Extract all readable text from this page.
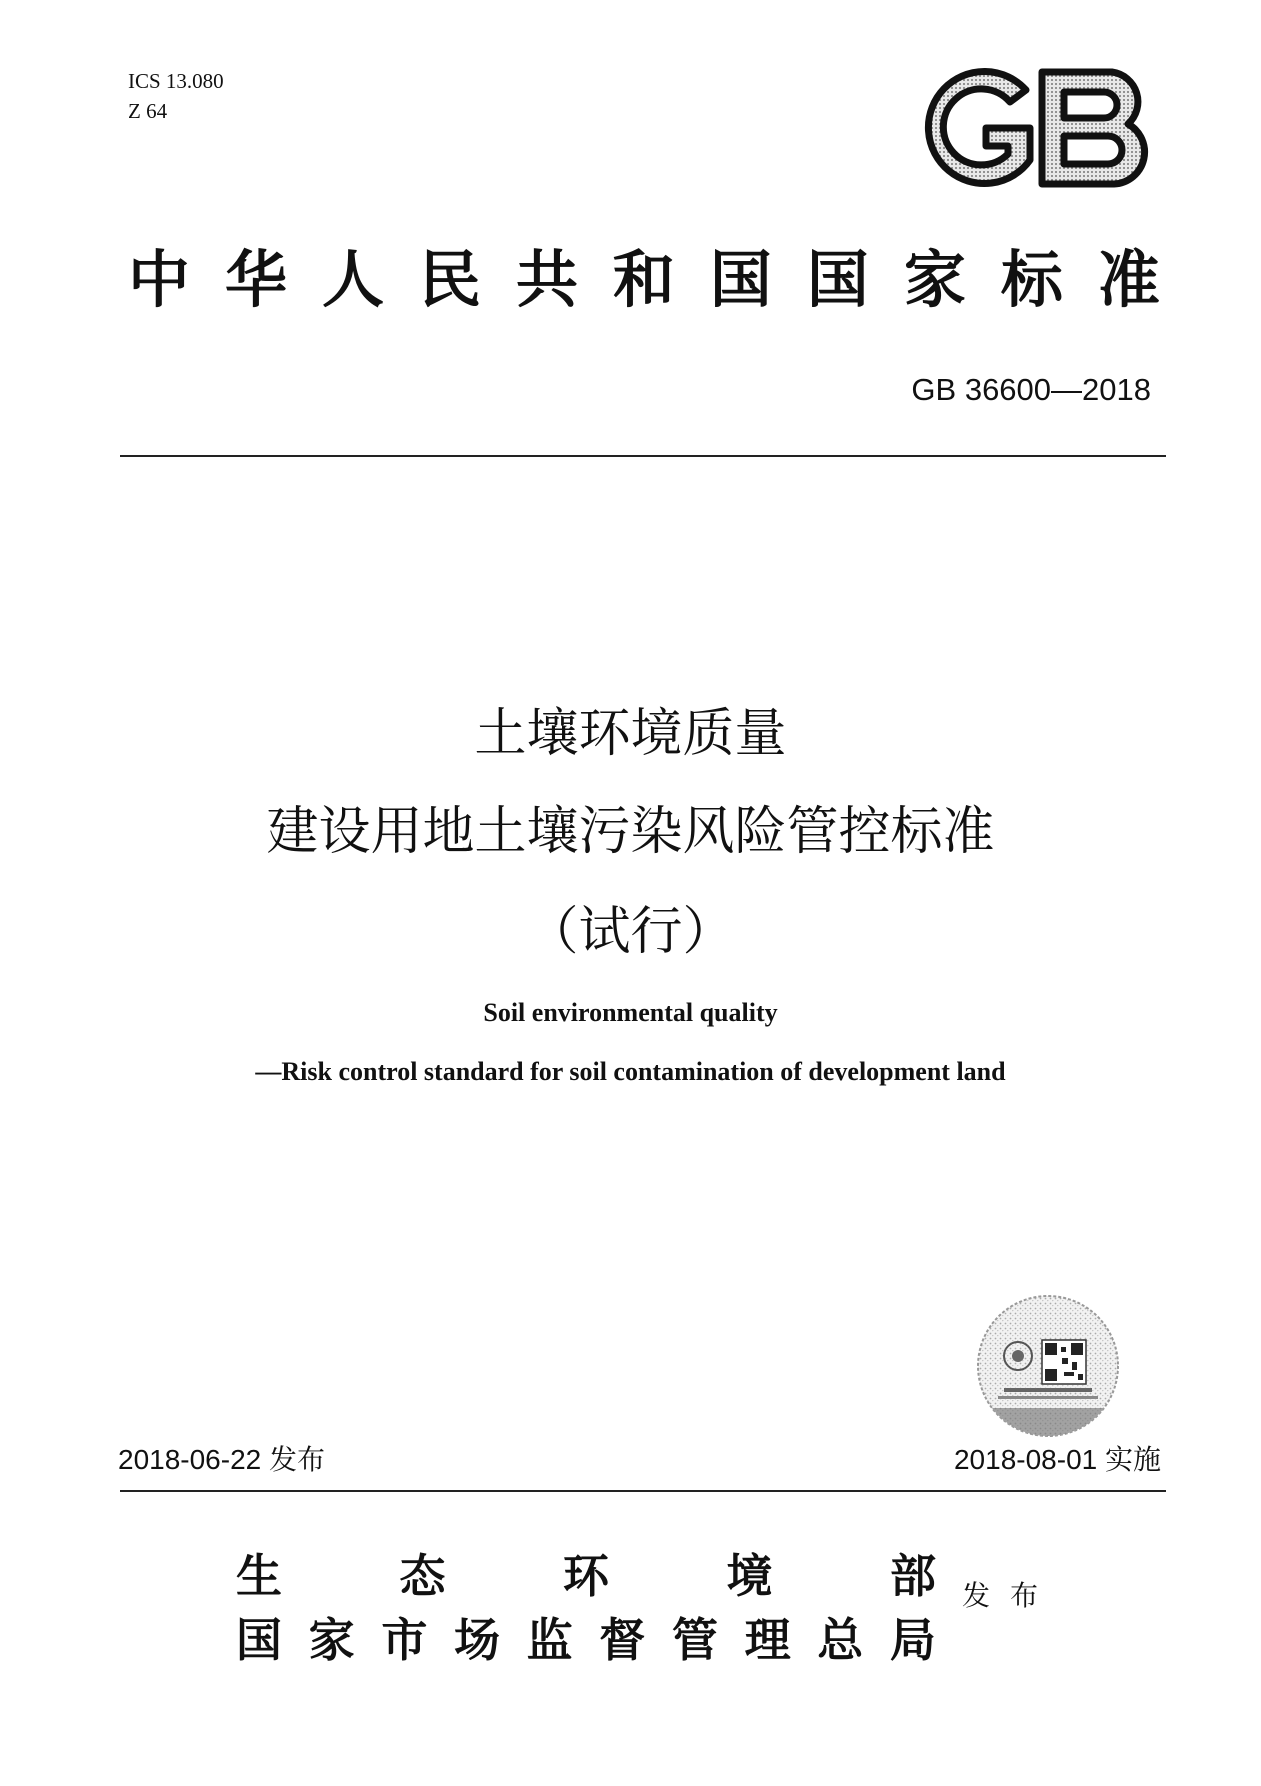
ICS 13.080
Z 64
中 华 人 民 共 和 国 国 家 标 准
GB 36600—2018
土壤环境质量
建设用地土壤污染风险管控标准
（试行）
Soil environmental quality
—Risk control standard for soil contamination of development land
2018-06-22 发布	2018-08-01 实施
生	态	环	境	部
国 家 市 场 监 督 管 理 总 局
发布
